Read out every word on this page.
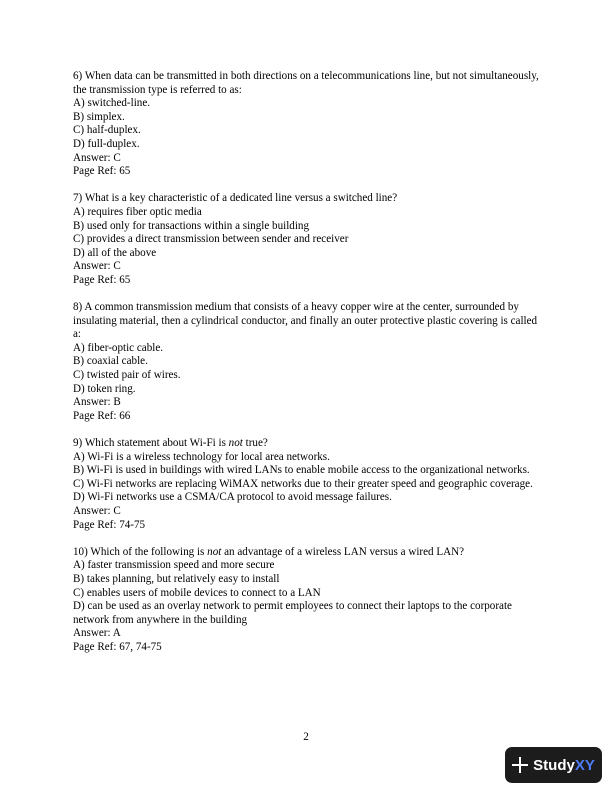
6) When data can be transmitted in both directions on a telecommunications line, but not simultaneously, the transmission type is referred to as:
A) switched-line.
B) simplex.
C) half-duplex.
D) full-duplex.
Answer: C
Page Ref: 65
7) What is a key characteristic of a dedicated line versus a switched line?
A) requires fiber optic media
B) used only for transactions within a single building
C) provides a direct transmission between sender and receiver
D) all of the above
Answer: C
Page Ref: 65
8) A common transmission medium that consists of a heavy copper wire at the center, surrounded by insulating material, then a cylindrical conductor, and finally an outer protective plastic covering is called a:
A) fiber-optic cable.
B) coaxial cable.
C) twisted pair of wires.
D) token ring.
Answer: B
Page Ref: 66
9) Which statement about Wi-Fi is not true?
A) Wi-Fi is a wireless technology for local area networks.
B) Wi-Fi is used in buildings with wired LANs to enable mobile access to the organizational networks.
C) Wi-Fi networks are replacing WiMAX networks due to their greater speed and geographic coverage.
D) Wi-Fi networks use a CSMA/CA protocol to avoid message failures.
Answer: C
Page Ref: 74-75
10) Which of the following is not an advantage of a wireless LAN versus a wired LAN?
A) faster transmission speed and more secure
B) takes planning, but relatively easy to install
C) enables users of mobile devices to connect to a LAN
D) can be used as an overlay network to permit employees to connect their laptops to the corporate network from anywhere in the building
Answer: A
Page Ref: 67, 74-75
2
StudyXY
